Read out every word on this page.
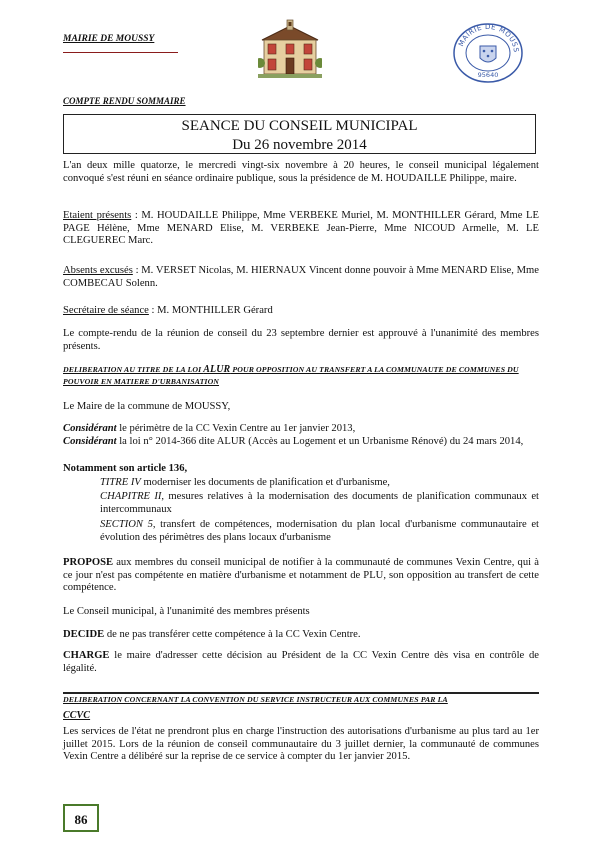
MAIRIE DE MOUSSY	MAIRIE DE MOUSS
95640
COMPTE RENDU SOMMAIRE
SEANCE DU CONSEIL MUNICIPAL
Du 26 novembre 2014
L'an deux mille quatorze, le mercredi vingt-six novembre à 20 heures, le conseil municipal légalement convoqué s'est réuni en séance ordinaire publique, sous la présidence de M. HOUDAILLE Philippe, maire.
Etaient présents : M. HOUDAILLE Philippe, Mme VERBEKE Muriel, M. MONTHILLER Gérard, Mme LE PAGE Hélène, Mme MENARD Elise, M. VERBEKE Jean-Pierre, Mme NICOUD Armelle, M. LE CLEGUEREC Marc.
Absents excusés : M. VERSET Nicolas, M. HIERNAUX Vincent donne pouvoir à Mme MENARD Elise, Mme COMBECAU Solenn.
Secrétaire de séance : M. MONTHILLER Gérard
Le compte-rendu de la réunion de conseil du 23 septembre dernier est approuvé à l'unanimité des membres présents.
DELIBERATION AU TITRE DE LA LOI ALUR POUR OPPOSITION AU TRANSFERT A LA COMMUNAUTE DE COMMUNES DU POUVOIR EN MATIERE D'URBANISATION
Le Maire de la commune de MOUSSY,
Considérant le périmètre de la CC Vexin Centre au 1er janvier 2013,
Considérant la loi n° 2014-366 dite ALUR (Accès au Logement et un Urbanisme Rénové) du 24 mars 2014,
Notamment son article 136,
TITRE IV moderniser les documents de planification et d'urbanisme,
CHAPITRE II, mesures relatives à la modernisation des documents de planification communaux et intercommunaux
SECTION 5, transfert de compétences, modernisation du plan local d'urbanisme communautaire et évolution des périmètres des plans locaux d'urbanisme
PROPOSE aux membres du conseil municipal de notifier à la communauté de communes Vexin Centre, qui à ce jour n'est pas compétente en matière d'urbanisme et notamment de PLU, son opposition au transfert de cette compétence.
Le Conseil municipal, à l'unanimité des membres présents
DECIDE de ne pas transférer cette compétence à la CC Vexin Centre.
CHARGE le maire d'adresser cette décision au Président de la CC Vexin Centre dès visa en contrôle de légalité.
DELIBERATION CONCERNANT LA CONVENTION DU SERVICE INSTRUCTEUR AUX COMMUNES PAR LA
CCVC
Les services de l'état ne prendront plus en charge l'instruction des autorisations d'urbanisme au plus tard au 1er juillet 2015. Lors de la réunion de conseil communautaire du 3 juillet dernier, la communauté de communes Vexin Centre a délibéré sur la reprise de ce service à compter du 1er janvier 2015.
86
